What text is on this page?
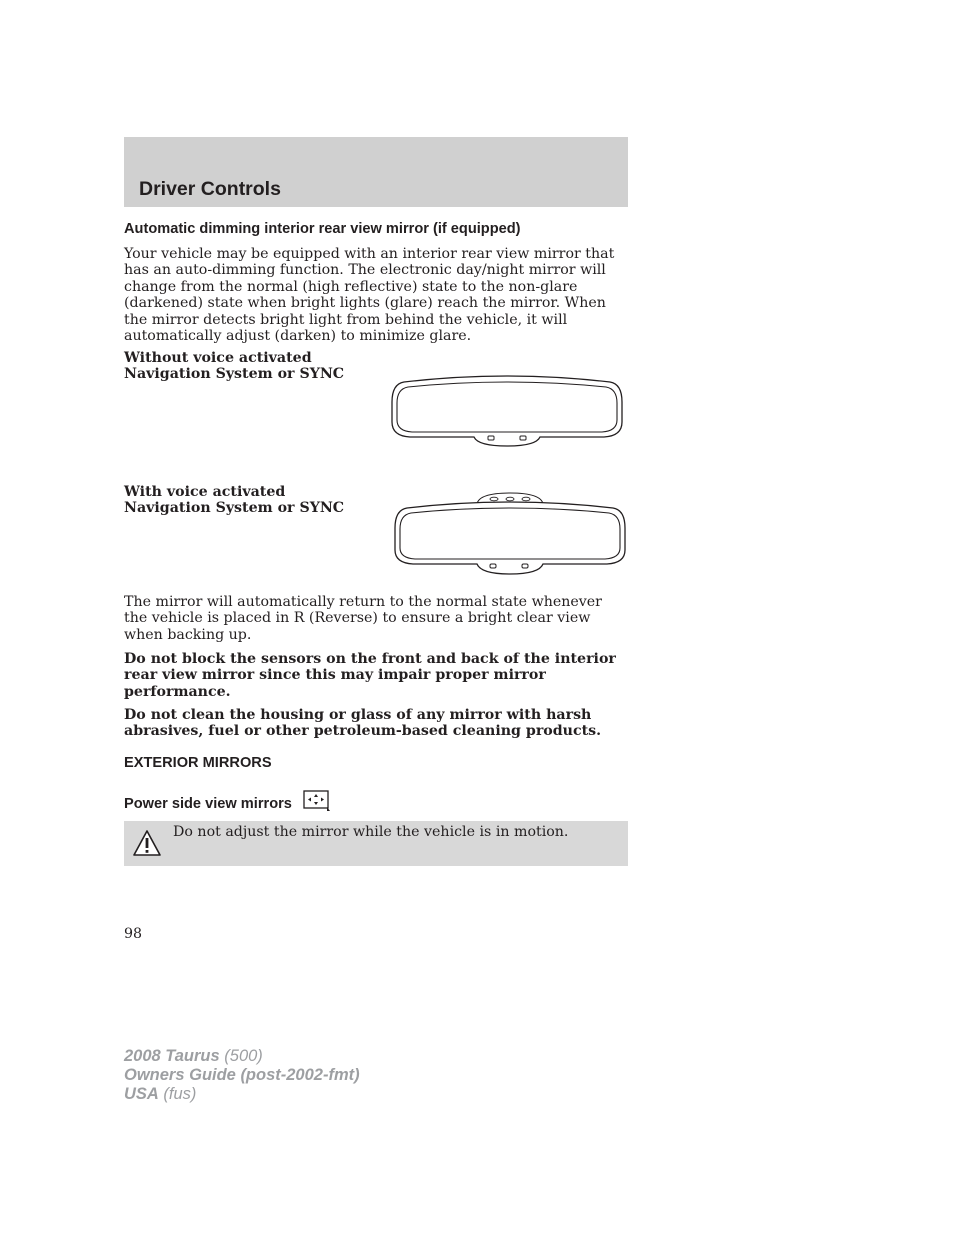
Driver Controls
Automatic dimming interior rear view mirror (if equipped)

Your vehicle may be equipped with an interior rear view mirror that has an auto-dimming function. The electronic day/night mirror will change from the normal (high reflective) state to the non-glare (darkened) state when bright lights (glare) reach the mirror. When the mirror detects bright light from behind the vehicle, it will automatically adjust (darken) to minimize glare.

Without voice activated Navigation System or SYNC

With voice activated Navigation System or SYNC

The mirror will automatically return to the normal state whenever the vehicle is placed in R (Reverse) to ensure a bright clear view when backing up.

Do not block the sensors on the front and back of the interior rear view mirror since this may impair proper mirror performance.

Do not clean the housing or glass of any mirror with harsh abrasives, fuel or other petroleum-based cleaning products.

EXTERIOR MIRRORS
Power side view mirrors

Do not adjust the mirror while the vehicle is in motion.

98

2008 Taurus (500)
Owners Guide (post-2002-fmt)
USA (fus)
